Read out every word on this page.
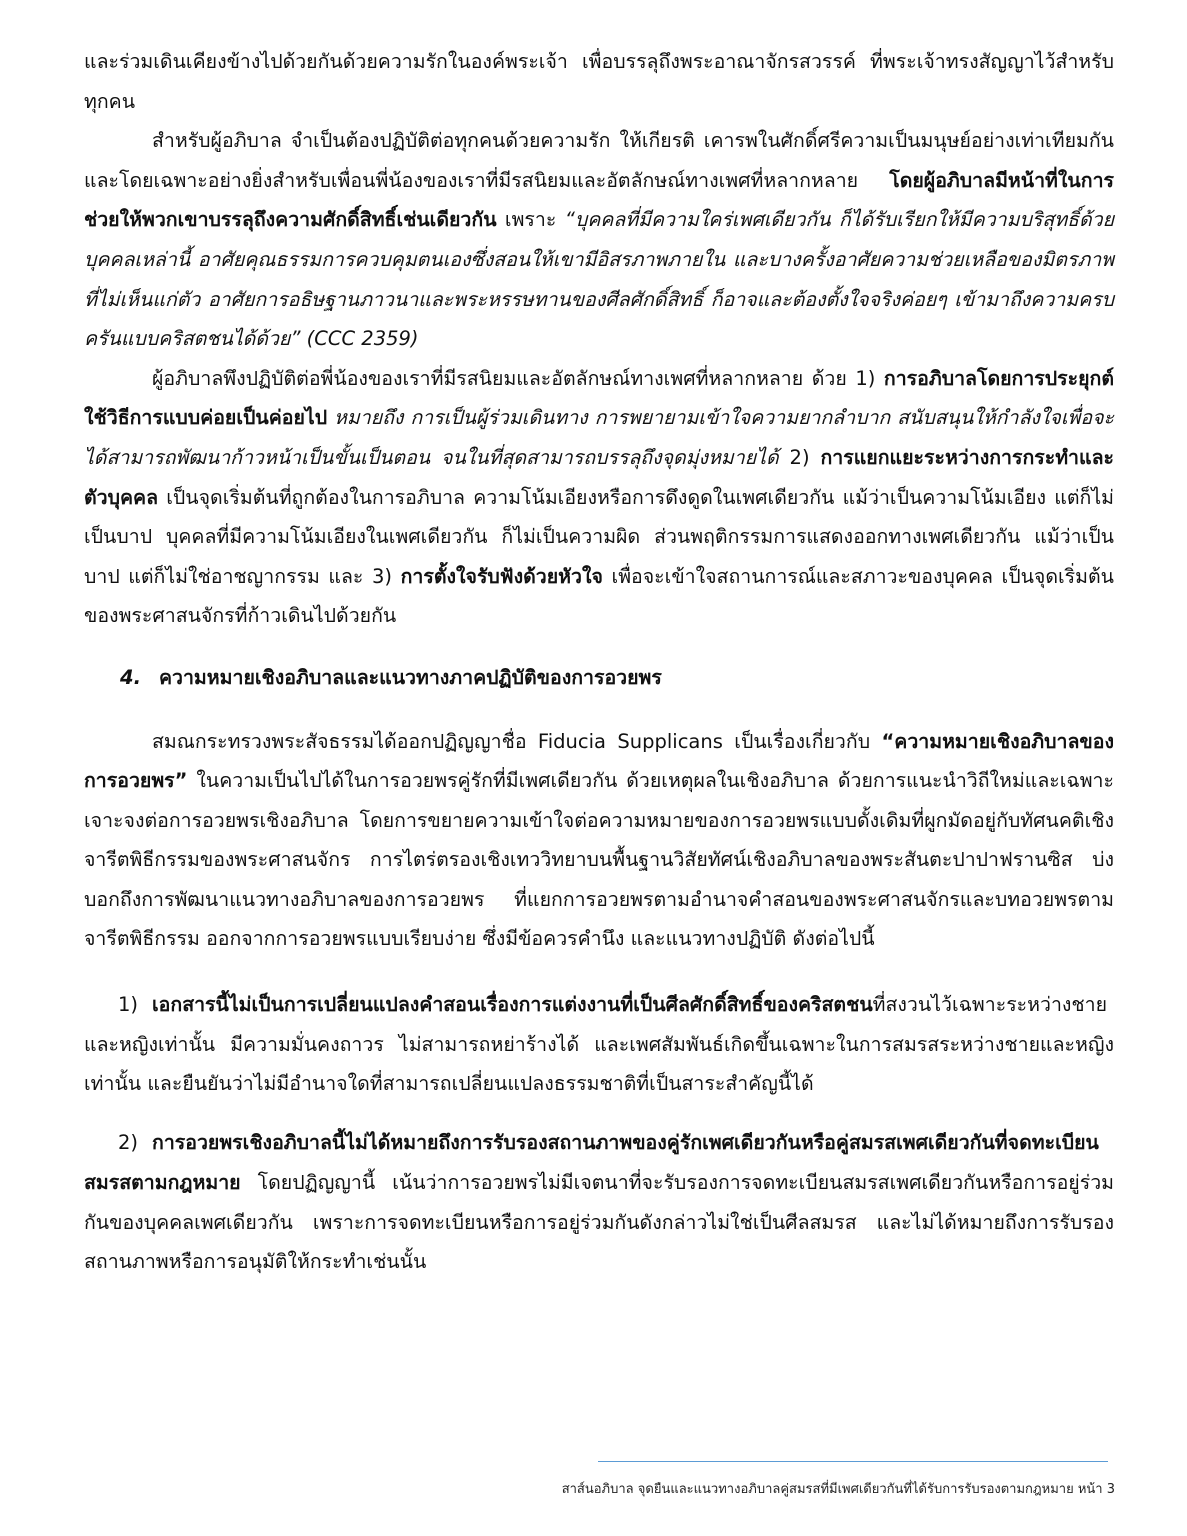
และร่วมเดินเคียงข้างไปด้วยกันด้วยความรักในองค์พระเจ้า เพื่อบรรลุถึงพระอาณาจักรสวรรค์ ที่พระเจ้าทรงสัญญาไว้สำหรับทุกคน

สำหรับผู้อภิบาล จำเป็นต้องปฏิบัติต่อทุกคนด้วยความรัก ให้เกียรติ เคารพในศักดิ์ศรีความเป็นมนุษย์อย่างเท่าเทียมกัน และโดยเฉพาะอย่างยิ่งสำหรับเพื่อนพี่น้องของเราที่มีรสนิยมและอัตลักษณ์ทางเพศที่หลากหลาย โดยผู้อภิบาลมีหน้าที่ในการช่วยให้พวกเขาบรรลุถึงความศักดิ์สิทธิ์เช่นเดียวกัน เพราะ “บุคคลที่มีความใคร่เพศเดียวกัน ก็ได้รับเรียกให้มีความบริสุทธิ์ด้วย บุคคลเหล่านี้ อาศัยคุณธรรมการควบคุมตนเองซึ่งสอนให้เขามีอิสรภาพภายใน และบางครั้งอาศัยความช่วยเหลือของมิตรภาพที่ไม่เห็นแก่ตัว อาศัยการอธิษฐานภาวนาและพระหรรษทานของศีลศักดิ์สิทธิ์ ก็อาจและต้องตั้งใจจริงค่อยๆ เข้ามาถึงความครบครันแบบคริสตชนได้ด้วย” (CCC 2359)

ผู้อภิบาลพึงปฏิบัติต่อพี่น้องของเราที่มีรสนิยมและอัตลักษณ์ทางเพศที่หลากหลาย ด้วย 1) การอภิบาลโดยการประยุกต์ใช้วิธีการแบบค่อยเป็นค่อยไป หมายถึง การเป็นผู้ร่วมเดินทาง การพยายามเข้าใจความยากลำบาก สนับสนุนให้กำลังใจเพื่อจะได้สามารถพัฒนาก้าวหน้าเป็นขั้นเป็นตอน จนในที่สุดสามารถบรรลุถึงจุดมุ่งหมายได้ 2) การแยกแยะระหว่างการกระทำและตัวบุคคล เป็นจุดเริ่มต้นที่ถูกต้องในการอภิบาล ความโน้มเอียงหรือการดึงดูดในเพศเดียวกัน แม้ว่าเป็นความโน้มเอียง แต่ก็ไม่เป็นบาป บุคคลที่มีความโน้มเอียงในเพศเดียวกัน ก็ไม่เป็นความผิด ส่วนพฤติกรรมการแสดงออกทางเพศเดียวกัน แม้ว่าเป็นบาป แต่ก็ไม่ใช่อาชญากรรม และ 3) การตั้งใจรับฟังด้วยหัวใจ เพื่อจะเข้าใจสถานการณ์และสภาวะของบุคคล เป็นจุดเริ่มต้นของพระศาสนจักรที่ก้าวเดินไปด้วยกัน

4. ความหมายเชิงอภิบาลและแนวทางภาคปฏิบัติของการอวยพร

สมณกระทรวงพระสัจธรรมได้ออกปฏิญญาชื่อ Fiducia Supplicans เป็นเรื่องเกี่ยวกับ “ความหมายเชิงอภิบาลของการอวยพร” ในความเป็นไปได้ในการอวยพรคู่รักที่มีเพศเดียวกัน ด้วยเหตุผลในเชิงอภิบาล ด้วยการแนะนำวิถีใหม่และเฉพาะเจาะจงต่อการอวยพรเชิงอภิบาล โดยการขยายความเข้าใจต่อความหมายของการอวยพรแบบดั้งเดิมที่ผูกมัดอยู่กับทัศนคติเชิงจารีตพิธีกรรมของพระศาสนจักร การไตร่ตรองเชิงเทววิทยาบนพื้นฐานวิสัยทัศน์เชิงอภิบาลของพระสันตะปาปาฟรานซิส บ่งบอกถึงการพัฒนาแนวทางอภิบาลของการอวยพร ที่แยกการอวยพรตามอำนาจคำสอนของพระศาสนจักรและบทอวยพรตามจารีตพิธีกรรม ออกจากการอวยพรแบบเรียบง่าย ซึ่งมีข้อควรคำนึง และแนวทางปฏิบัติ ดังต่อไปนี้

1) เอกสารนี้ไม่เป็นการเปลี่ยนแปลงคำสอนเรื่องการแต่งงานที่เป็นศีลศักดิ์สิทธิ์ของคริสตชนที่สงวนไว้เฉพาะระหว่างชายและหญิงเท่านั้น มีความมั่นคงถาวร ไม่สามารถหย่าร้างได้ และเพศสัมพันธ์เกิดขึ้นเฉพาะในการสมรสระหว่างชายและหญิงเท่านั้น และยืนยันว่าไม่มีอำนาจใดที่สามารถเปลี่ยนแปลงธรรมชาติที่เป็นสาระสำคัญนี้ได้

2) การอวยพรเชิงอภิบาลนี้ไม่ได้หมายถึงการรับรองสถานภาพของคู่รักเพศเดียวกันหรือคู่สมรสเพศเดียวกันที่จดทะเบียนสมรสตามกฎหมาย โดยปฏิญญานี้ เน้นว่าการอวยพรไม่มีเจตนาที่จะรับรองการจดทะเบียนสมรสเพศเดียวกันหรือการอยู่ร่วมกันของบุคคลเพศเดียวกัน เพราะการจดทะเบียนหรือการอยู่ร่วมกันดังกล่าวไม่ใช่เป็นศีลสมรส และไม่ได้หมายถึงการรับรองสถานภาพหรือการอนุมัติให้กระทำเช่นนั้น

สาส์นอภิบาล จุดยืนและแนวทางอภิบาลคู่สมรสที่มีเพศเดียวกันที่ได้รับการรับรองตามกฎหมาย หน้า 3
